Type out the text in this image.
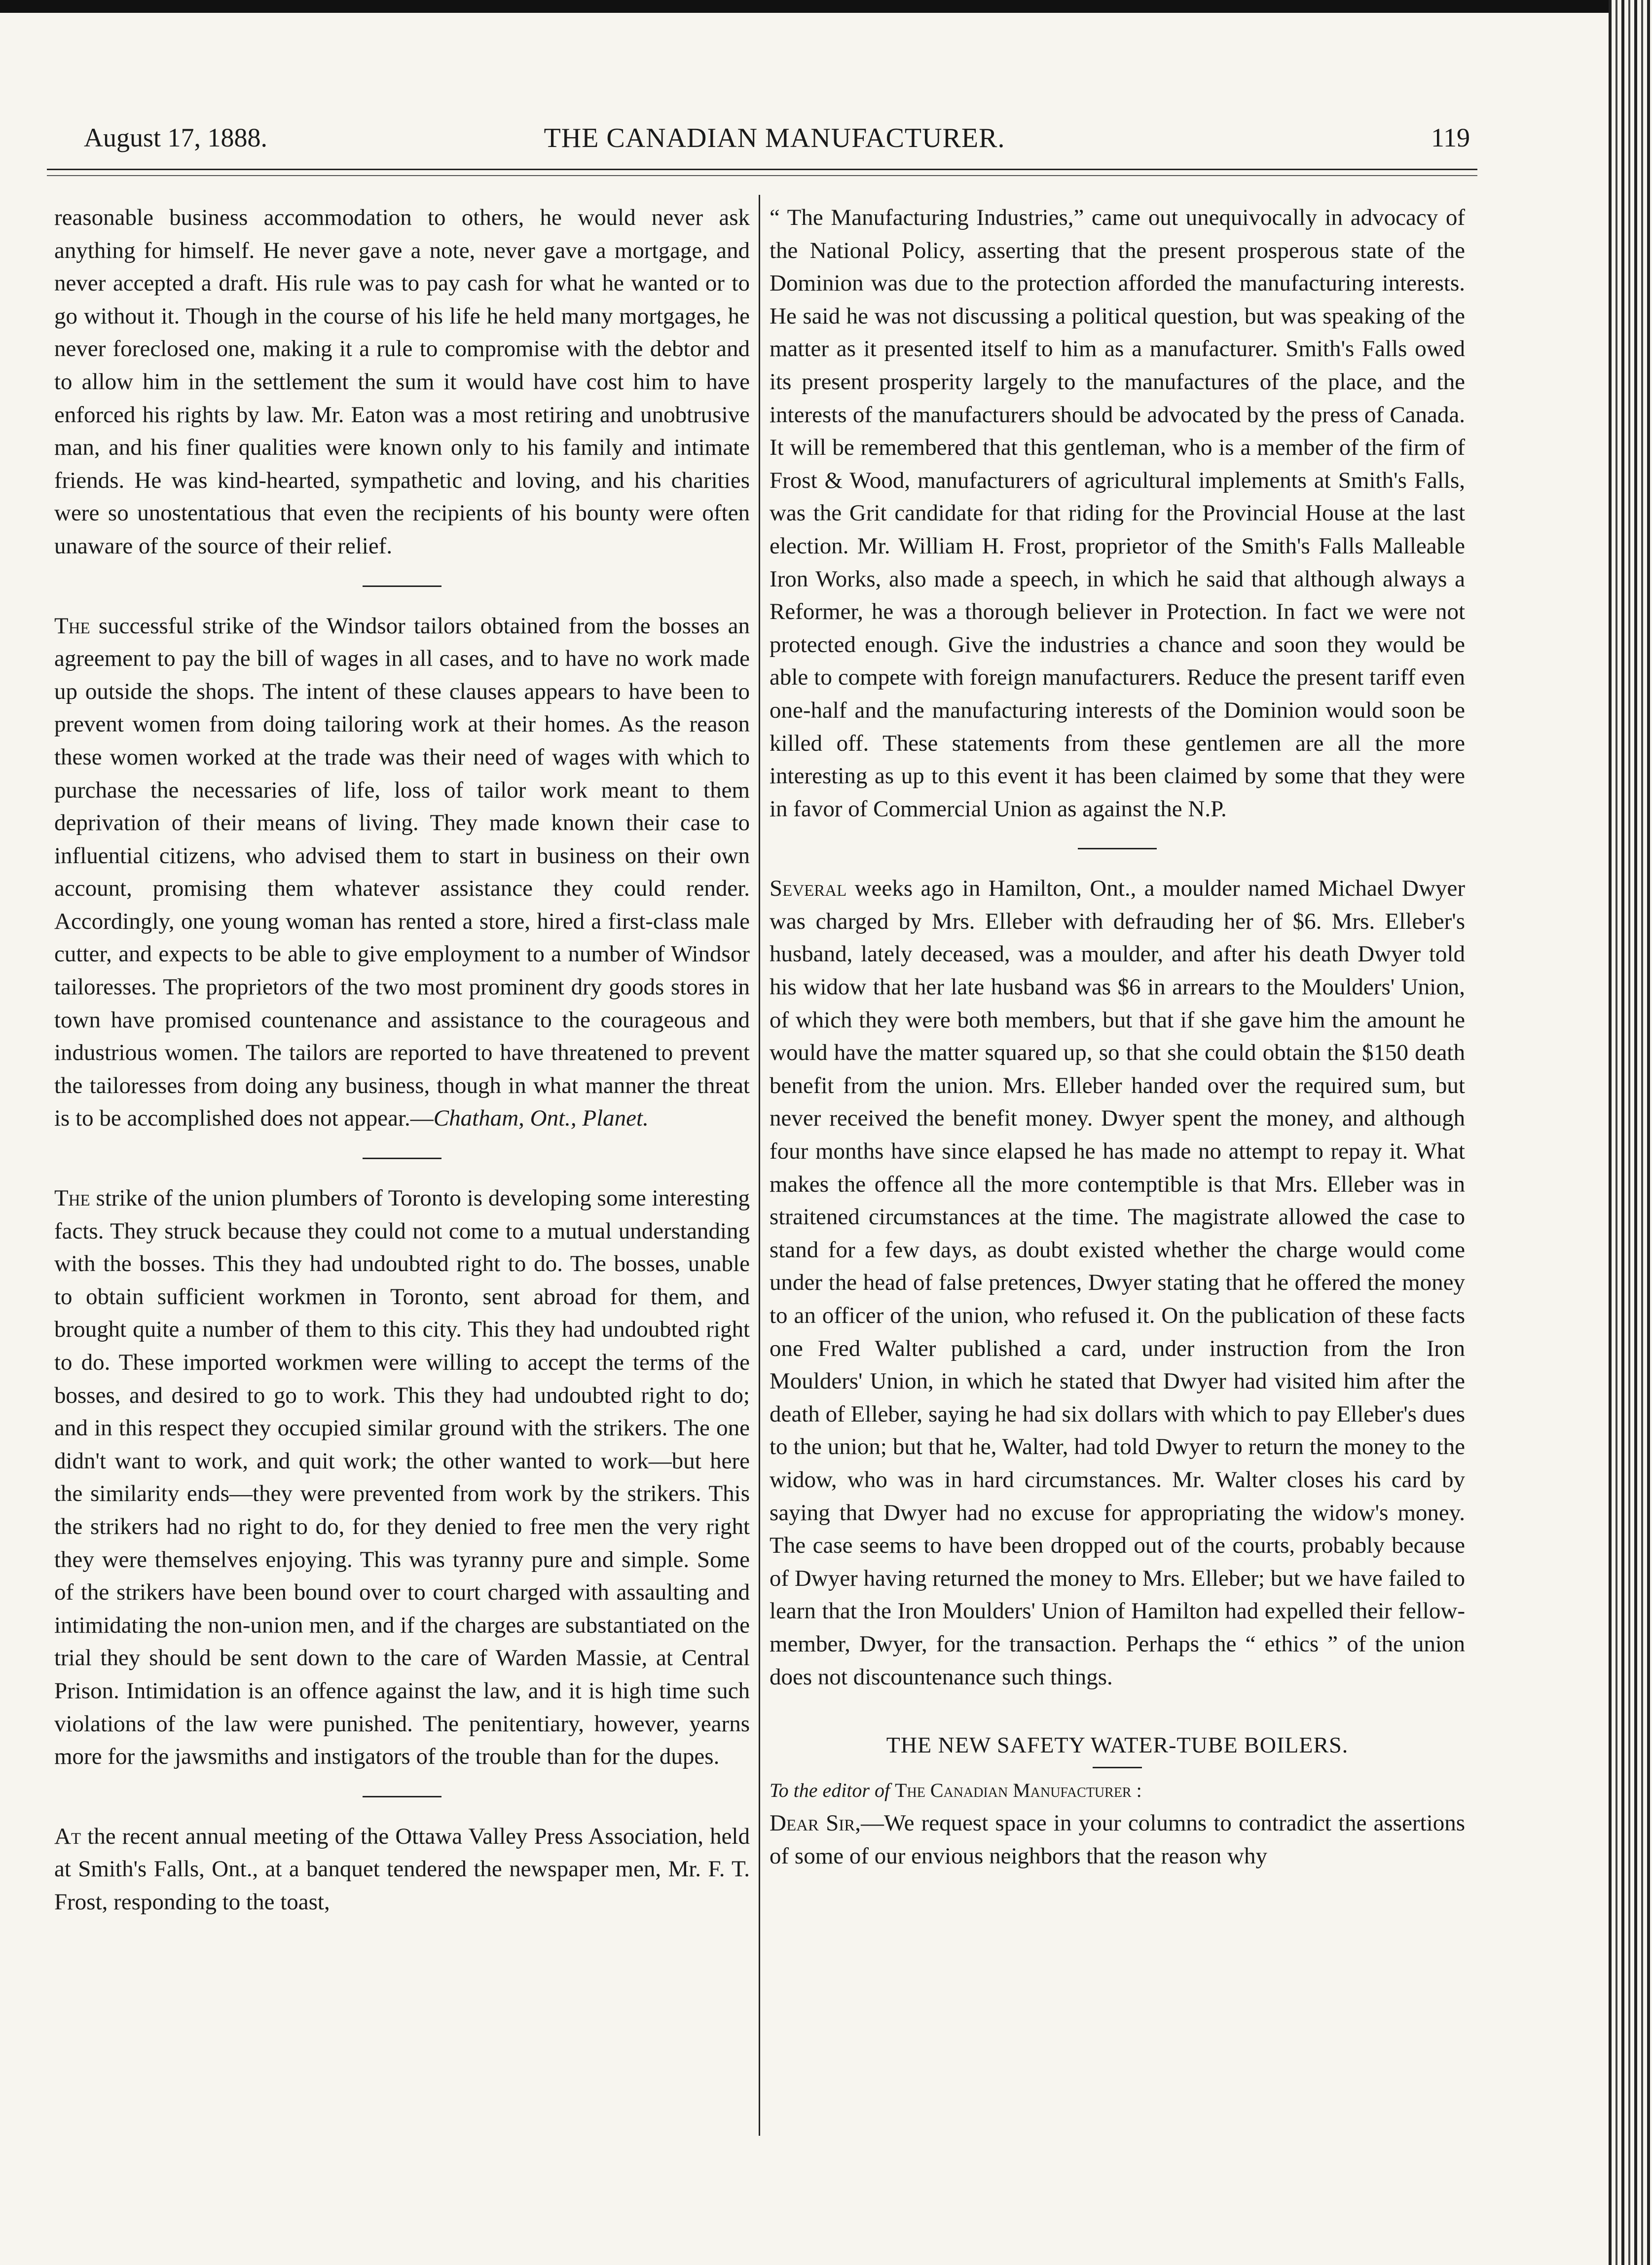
August 17, 1888.	THE CANADIAN MANUFACTURER.	119

reasonable business accommodation to others, he would never ask anything for himself. He never gave a note, never gave a mortgage, and never accepted a draft. His rule was to pay cash for what he wanted or to go without it. Though in the course of his life he held many mortgages, he never foreclosed one, making it a rule to compromise with the debtor and to allow him in the settlement the sum it would have cost him to have enforced his rights by law. Mr. Eaton was a most retiring and unobtrusive man, and his finer qualities were known only to his family and intimate friends. He was kind-hearted, sympathetic and loving, and his charities were so unostentatious that even the recipients of his bounty were often unaware of the source of their relief.

The successful strike of the Windsor tailors obtained from the bosses an agreement to pay the bill of wages in all cases, and to have no work made up outside the shops. The intent of these clauses appears to have been to prevent women from doing tailoring work at their homes. As the reason these women worked at the trade was their need of wages with which to purchase the necessaries of life, loss of tailor work meant to them deprivation of their means of living. They made known their case to influential citizens, who advised them to start in business on their own account, promising them whatever assistance they could render. Accordingly, one young woman has rented a store, hired a first-class male cutter, and expects to be able to give employment to a number of Windsor tailoresses. The proprietors of the two most prominent dry goods stores in town have promised countenance and assistance to the courageous and industrious women. The tailors are reported to have threatened to prevent the tailoresses from doing any business, though in what manner the threat is to be accomplished does not appear.—Chatham, Ont., Planet.

The strike of the union plumbers of Toronto is developing some interesting facts. They struck because they could not come to a mutual understanding with the bosses. This they had undoubted right to do. The bosses, unable to obtain sufficient workmen in Toronto, sent abroad for them, and brought quite a number of them to this city. This they had undoubted right to do. These imported workmen were willing to accept the terms of the bosses, and desired to go to work. This they had undoubted right to do; and in this respect they occupied similar ground with the strikers. The one didn't want to work, and quit work; the other wanted to work—but here the similarity ends—they were prevented from work by the strikers. This the strikers had no right to do, for they denied to free men the very right they were themselves enjoying. This was tyranny pure and simple. Some of the strikers have been bound over to court charged with assaulting and intimidating the non-union men, and if the charges are substantiated on the trial they should be sent down to the care of Warden Massie, at Central Prison. Intimidation is an offence against the law, and it is high time such violations of the law were punished. The penitentiary, however, yearns more for the jawsmiths and instigators of the trouble than for the dupes.

At the recent annual meeting of the Ottawa Valley Press Association, held at Smith's Falls, Ont., at a banquet tendered the newspaper men, Mr. F. T. Frost, responding to the toast,

“ The Manufacturing Industries,” came out unequivocally in advocacy of the National Policy, asserting that the present prosperous state of the Dominion was due to the protection afforded the manufacturing interests. He said he was not discussing a political question, but was speaking of the matter as it presented itself to him as a manufacturer. Smith's Falls owed its present prosperity largely to the manufactures of the place, and the interests of the manufacturers should be advocated by the press of Canada. It will be remembered that this gentleman, who is a member of the firm of Frost & Wood, manufacturers of agricultural implements at Smith's Falls, was the Grit candidate for that riding for the Provincial House at the last election. Mr. William H. Frost, proprietor of the Smith's Falls Malleable Iron Works, also made a speech, in which he said that although always a Reformer, he was a thorough believer in Protection. In fact we were not protected enough. Give the industries a chance and soon they would be able to compete with foreign manufacturers. Reduce the present tariff even one-half and the manufacturing interests of the Dominion would soon be killed off. These statements from these gentlemen are all the more interesting as up to this event it has been claimed by some that they were in favor of Commercial Union as against the N.P.

Several weeks ago in Hamilton, Ont., a moulder named Michael Dwyer was charged by Mrs. Elleber with defrauding her of $6. Mrs. Elleber's husband, lately deceased, was a moulder, and after his death Dwyer told his widow that her late husband was $6 in arrears to the Moulders' Union, of which they were both members, but that if she gave him the amount he would have the matter squared up, so that she could obtain the $150 death benefit from the union. Mrs. Elleber handed over the required sum, but never received the benefit money. Dwyer spent the money, and although four months have since elapsed he has made no attempt to repay it. What makes the offence all the more contemptible is that Mrs. Elleber was in straitened circumstances at the time. The magistrate allowed the case to stand for a few days, as doubt existed whether the charge would come under the head of false pretences, Dwyer stating that he offered the money to an officer of the union, who refused it. On the publication of these facts one Fred Walter published a card, under instruction from the Iron Moulders' Union, in which he stated that Dwyer had visited him after the death of Elleber, saying he had six dollars with which to pay Elleber's dues to the union; but that he, Walter, had told Dwyer to return the money to the widow, who was in hard circumstances. Mr. Walter closes his card by saying that Dwyer had no excuse for appropriating the widow's money. The case seems to have been dropped out of the courts, probably because of Dwyer having returned the money to Mrs. Elleber; but we have failed to learn that the Iron Moulders' Union of Hamilton had expelled their fellow-member, Dwyer, for the transaction. Perhaps the “ ethics ” of the union does not discountenance such things.

THE NEW SAFETY WATER-TUBE BOILERS.

To the editor of The Canadian Manufacturer :

Dear Sir,—We request space in your columns to contradict the assertions of some of our envious neighbors that the reason why
